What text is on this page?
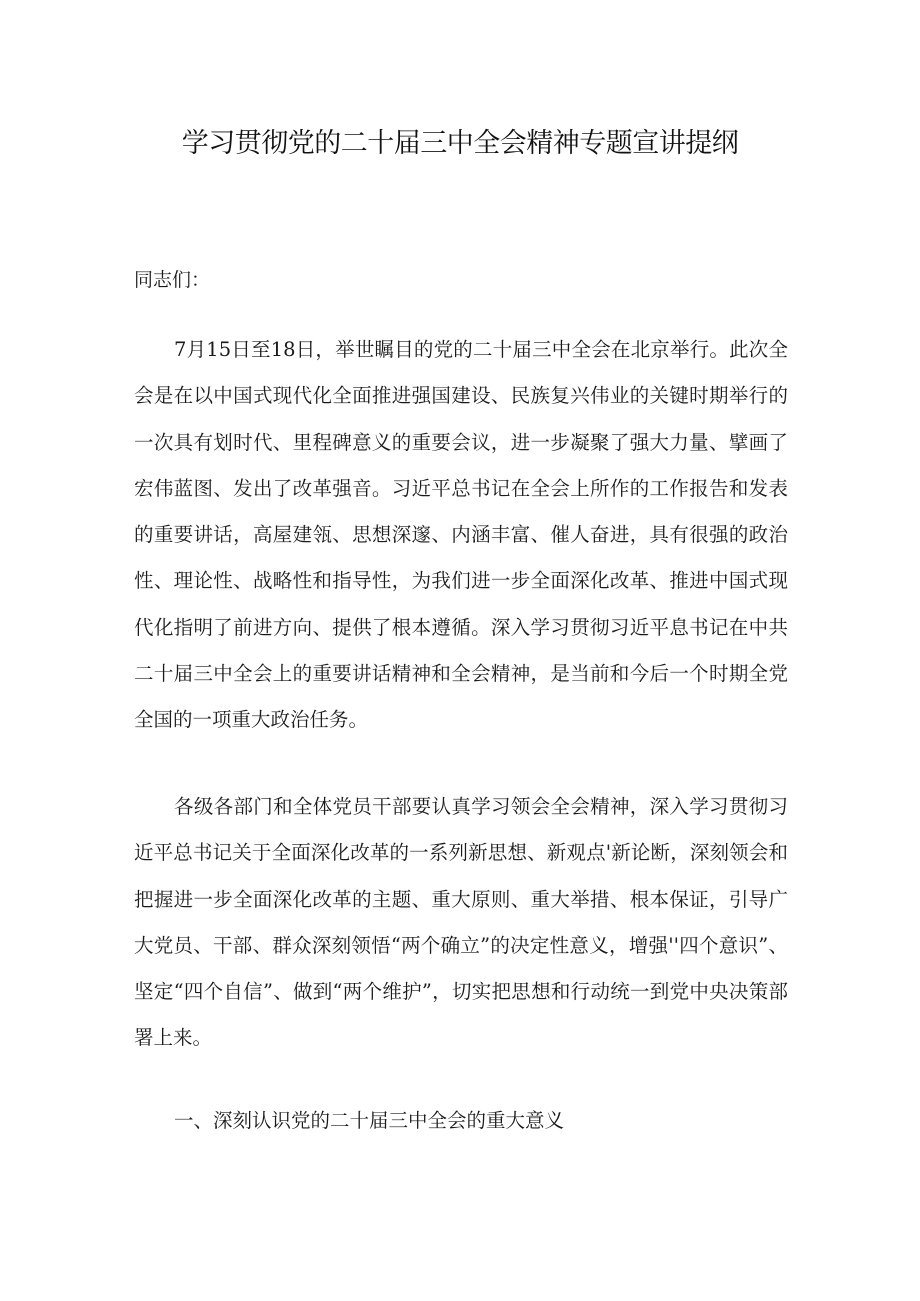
学习贯彻党的二十届三中全会精神专题宣讲提纲

同志们：

7月15日至18日，举世瞩目的党的二十届三中全会在北京举行。此次全会是在以中国式现代化全面推进强国建设、民族复兴伟业的关键时期举行的一次具有划时代、里程碑意义的重要会议，进一步凝聚了强大力量、擘画了宏伟蓝图、发出了改革强音。习近平总书记在全会上所作的工作报告和发表的重要讲话，高屋建瓴、思想深邃、内涵丰富、催人奋进，具有很强的政治性、理论性、战略性和指导性，为我们进一步全面深化改革、推进中国式现代化指明了前进方向、提供了根本遵循。深入学习贯彻习近平息书记在中共二十届三中全会上的重要讲话精神和全会精神，是当前和今后一个时期全党全国的一项重大政治任务。

各级各部门和全体党员干部要认真学习领会全会精神，深入学习贯彻习近平总书记关于全面深化改革的一系列新思想、新观点'新论断，深刻领会和把握进一步全面深化改革的主题、重大原则、重大举措、根本保证，引导广大党员、干部、群众深刻领悟“两个确立”的决定性意义，增强''四个意识”、坚定“四个自信”、做到“两个维护”，切实把思想和行动统一到党中央决策部署上来。

一、深刻认识党的二十届三中全会的重大意义
